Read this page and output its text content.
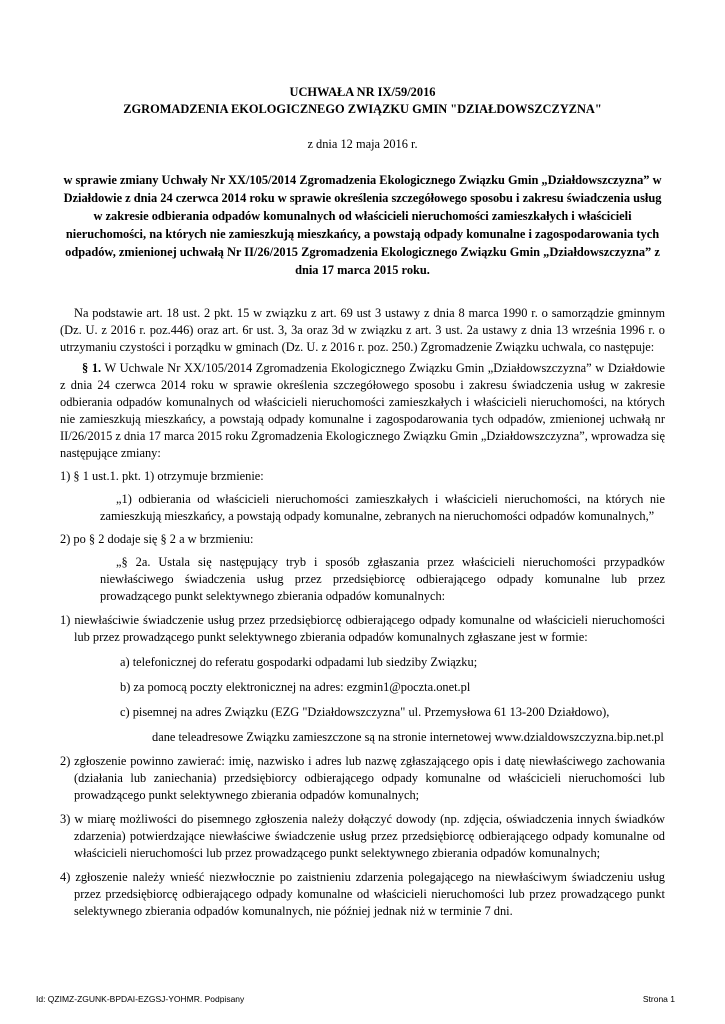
UCHWAŁA NR IX/59/2016

ZGROMADZENIA EKOLOGICZNEGO ZWIĄZKU GMIN "DZIAŁDOWSZCZYZNA"

z dnia 12 maja 2016 r.
w sprawie zmiany Uchwały Nr XX/105/2014 Zgromadzenia Ekologicznego Związku Gmin „Działdowszczyzna” w Działdowie z dnia 24 czerwca 2014 roku w sprawie określenia szczegółowego sposobu i zakresu świadczenia usług w zakresie odbierania odpadów komunalnych od właścicieli nieruchomości zamieszkałych i właścicieli nieruchomości, na których nie zamieszkują mieszkańcy, a powstają odpady komunalne i zagospodarowania tych odpadów, zmienionej uchwałą Nr II/26/2015 Zgromadzenia Ekologicznego Związku Gmin „Działdowszczyzna” z dnia 17 marca 2015 roku.
Na podstawie art. 18 ust. 2 pkt. 15 w związku z art. 69 ust 3 ustawy z dnia 8 marca 1990 r. o samorządzie gminnym (Dz. U. z 2016 r. poz.446) oraz art. 6r ust. 3, 3a oraz 3d w związku z art. 3 ust. 2a ustawy z dnia 13 września 1996 r. o utrzymaniu czystości i porządku w gminach (Dz. U. z 2016 r. poz. 250.) Zgromadzenie Związku uchwala, co następuje:
§ 1. W Uchwale Nr XX/105/2014 Zgromadzenia Ekologicznego Związku Gmin „Działdowszczyzna” w Działdowie z dnia 24 czerwca 2014 roku w sprawie określenia szczegółowego sposobu i zakresu świadczenia usług w zakresie odbierania odpadów komunalnych od właścicieli nieruchomości zamieszkałych i właścicieli nieruchomości, na których nie zamieszkują mieszkańcy, a powstają odpady komunalne i zagospodarowania tych odpadów, zmienionej uchwałą nr II/26/2015 z dnia 17 marca 2015 roku Zgromadzenia Ekologicznego Związku Gmin „Działdowszczyzna”, wprowadza się następujące zmiany:
1) § 1 ust.1. pkt. 1) otrzymuje brzmienie:
„1) odbierania od właścicieli nieruchomości zamieszkałych i właścicieli nieruchomości, na których nie zamieszkują mieszkańcy, a powstają odpady komunalne, zebranych na nieruchomości odpadów komunalnych,”
2) po § 2 dodaje się § 2 a w brzmieniu:
„§ 2a. Ustala się następujący tryb i sposób zgłaszania przez właścicieli nieruchomości przypadków niewłaściwego świadczenia usług przez przedsiębiorcę odbierającego odpady komunalne lub przez prowadzącego punkt selektywnego zbierania odpadów komunalnych:
1) niewłaściwie świadczenie usług przez przedsiębiorcę odbierającego odpady komunalne od właścicieli nieruchomości lub przez prowadzącego punkt selektywnego zbierania odpadów komunalnych zgłaszane jest w formie:
a) telefonicznej do referatu gospodarki odpadami lub siedziby Związku;
b) za pomocą poczty elektronicznej na adres: ezgmin1@poczta.onet.pl
c) pisemnej na adres Związku (EZG "Działdowszczyzna" ul. Przemysłowa 61 13-200 Działdowo),
dane teleadresowe Związku zamieszczone są na stronie internetowej www.dzialdowszczyzna.bip.net.pl
2) zgłoszenie powinno zawierać: imię, nazwisko i adres lub nazwę zgłaszającego opis i datę niewłaściwego zachowania (działania lub zaniechania) przedsiębiorcy odbierającego odpady komunalne od właścicieli nieruchomości lub prowadzącego punkt selektywnego zbierania odpadów komunalnych;
3) w miarę możliwości do pisemnego zgłoszenia należy dołączyć dowody (np. zdjęcia, oświadczenia innych świadków zdarzenia) potwierdzające niewłaściwe świadczenie usług przez przedsiębiorcę odbierającego odpady komunalne od właścicieli nieruchomości lub przez prowadzącego punkt selektywnego zbierania odpadów komunalnych;
4) zgłoszenie należy wnieść niezwłocznie po zaistnieniu zdarzenia polegającego na niewłaściwym świadczeniu usług przez przedsiębiorcę odbierającego odpady komunalne od właścicieli nieruchomości lub przez prowadzącego punkt selektywnego zbierania odpadów komunalnych, nie później jednak niż w terminie 7 dni.
Id: QZIMZ-ZGUNK-BPDAI-EZGSJ-YOHMR. Podpisany	Strona 1
